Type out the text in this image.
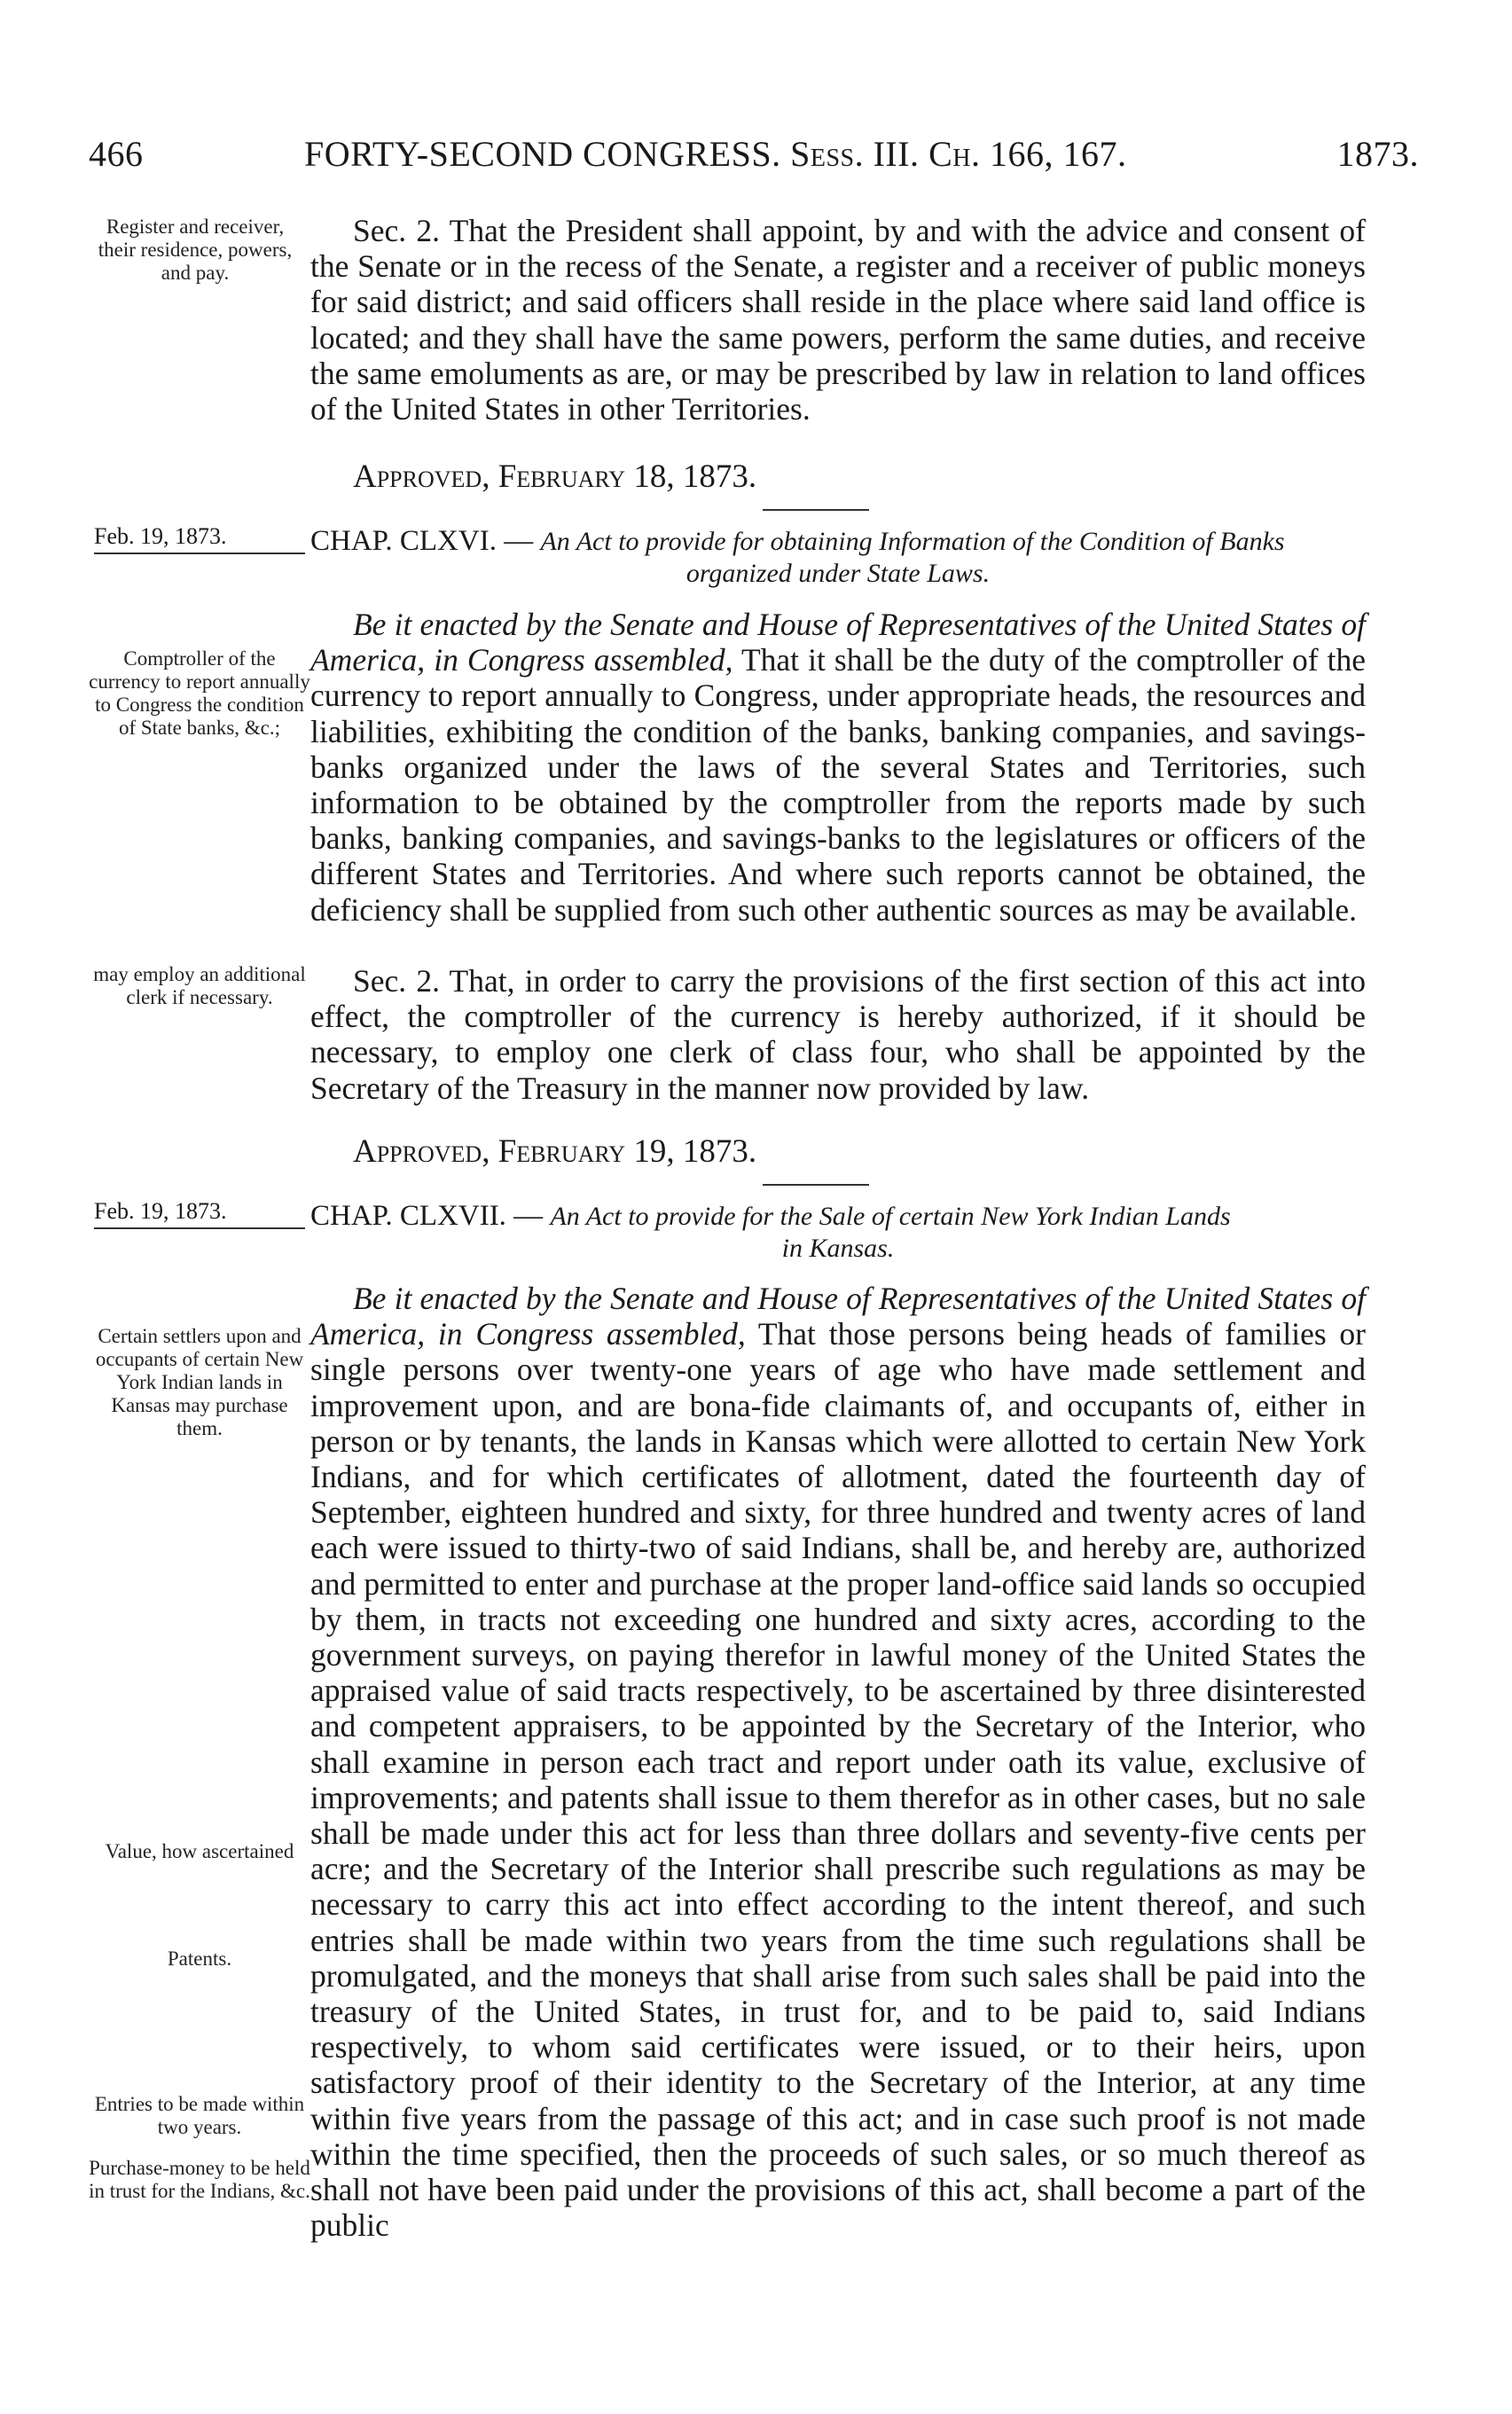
466	FORTY-SECOND CONGRESS. Sess. III. Ch. 166, 167.	1873.
Register and receiver, their residence, powers, and pay.

Sec. 2. That the President shall appoint, by and with the advice and consent of the Senate or in the recess of the Senate, a register and a receiver of public moneys for said district; and said officers shall reside in the place where said land office is located; and they shall have the same powers, perform the same duties, and receive the same emoluments as are, or may be prescribed by law in relation to land offices of the United States in other Territories.

Approved, February 18, 1873.
Feb. 19, 1873.	CHAP. CLXVI. — An Act to provide for obtaining Information of the Condition of Banks
organized under State Laws.
Comptroller of the currency to report annually to Congress the condition of State banks, &c.;

Be it enacted by the Senate and House of Representatives of the United States of America, in Congress assembled, That it shall be the duty of the comptroller of the currency to report annually to Congress, under appropriate heads, the resources and liabilities, exhibiting the condition of the banks, banking companies, and savings-banks organized under the laws of the several States and Territories, such information to be obtained by the comptroller from the reports made by such banks, banking companies, and savings-banks to the legislatures or officers of the different States and Territories. And where such reports cannot be obtained, the deficiency shall be supplied from such other authentic sources as may be available.

may employ an additional clerk if necessary.	Sec. 2. That, in order to carry the provisions of the first section of this act into effect, the comptroller of the currency is hereby authorized, if it should be necessary, to employ one clerk of class four, who shall be appointed by the Secretary of the Treasury in the manner now provided by law.

Approved, February 19, 1873.
Feb. 19, 1873.	CHAP. CLXVII. — An Act to provide for the Sale of certain New York Indian Lands
in Kansas.
Certain settlers upon and occupants of certain New York Indian lands in Kansas may purchase them.
Value, how ascertained
Patents.
Entries to be made within two years.
Purchase-money to be held in trust for the Indians, &c.

Be it enacted by the Senate and House of Representatives of the United States of America, in Congress assembled, That those persons being heads of families or single persons over twenty-one years of age who have made settlement and improvement upon, and are bona-fide claimants of, and occupants of, either in person or by tenants, the lands in Kansas which were allotted to certain New York Indians, and for which certificates of allotment, dated the fourteenth day of September, eighteen hundred and sixty, for three hundred and twenty acres of land each were issued to thirty-two of said Indians, shall be, and hereby are, authorized and permitted to enter and purchase at the proper land-office said lands so occupied by them, in tracts not exceeding one hundred and sixty acres, according to the government surveys, on paying therefor in lawful money of the United States the appraised value of said tracts respectively, to be ascertained by three disinterested and competent appraisers, to be appointed by the Secretary of the Interior, who shall examine in person each tract and report under oath its value, exclusive of improvements; and patents shall issue to them therefor as in other cases, but no sale shall be made under this act for less than three dollars and seventy-five cents per acre; and the Secretary of the Interior shall prescribe such regulations as may be necessary to carry this act into effect according to the intent thereof, and such entries shall be made within two years from the time such regulations shall be promulgated, and the moneys that shall arise from such sales shall be paid into the treasury of the United States, in trust for, and to be paid to, said Indians respectively, to whom said certificates were issued, or to their heirs, upon satisfactory proof of their identity to the Secretary of the Interior, at any time within five years from the passage of this act; and in case such proof is not made within the time specified, then the proceeds of such sales, or so much thereof as shall not have been paid under the provisions of this act, shall become a part of the public
